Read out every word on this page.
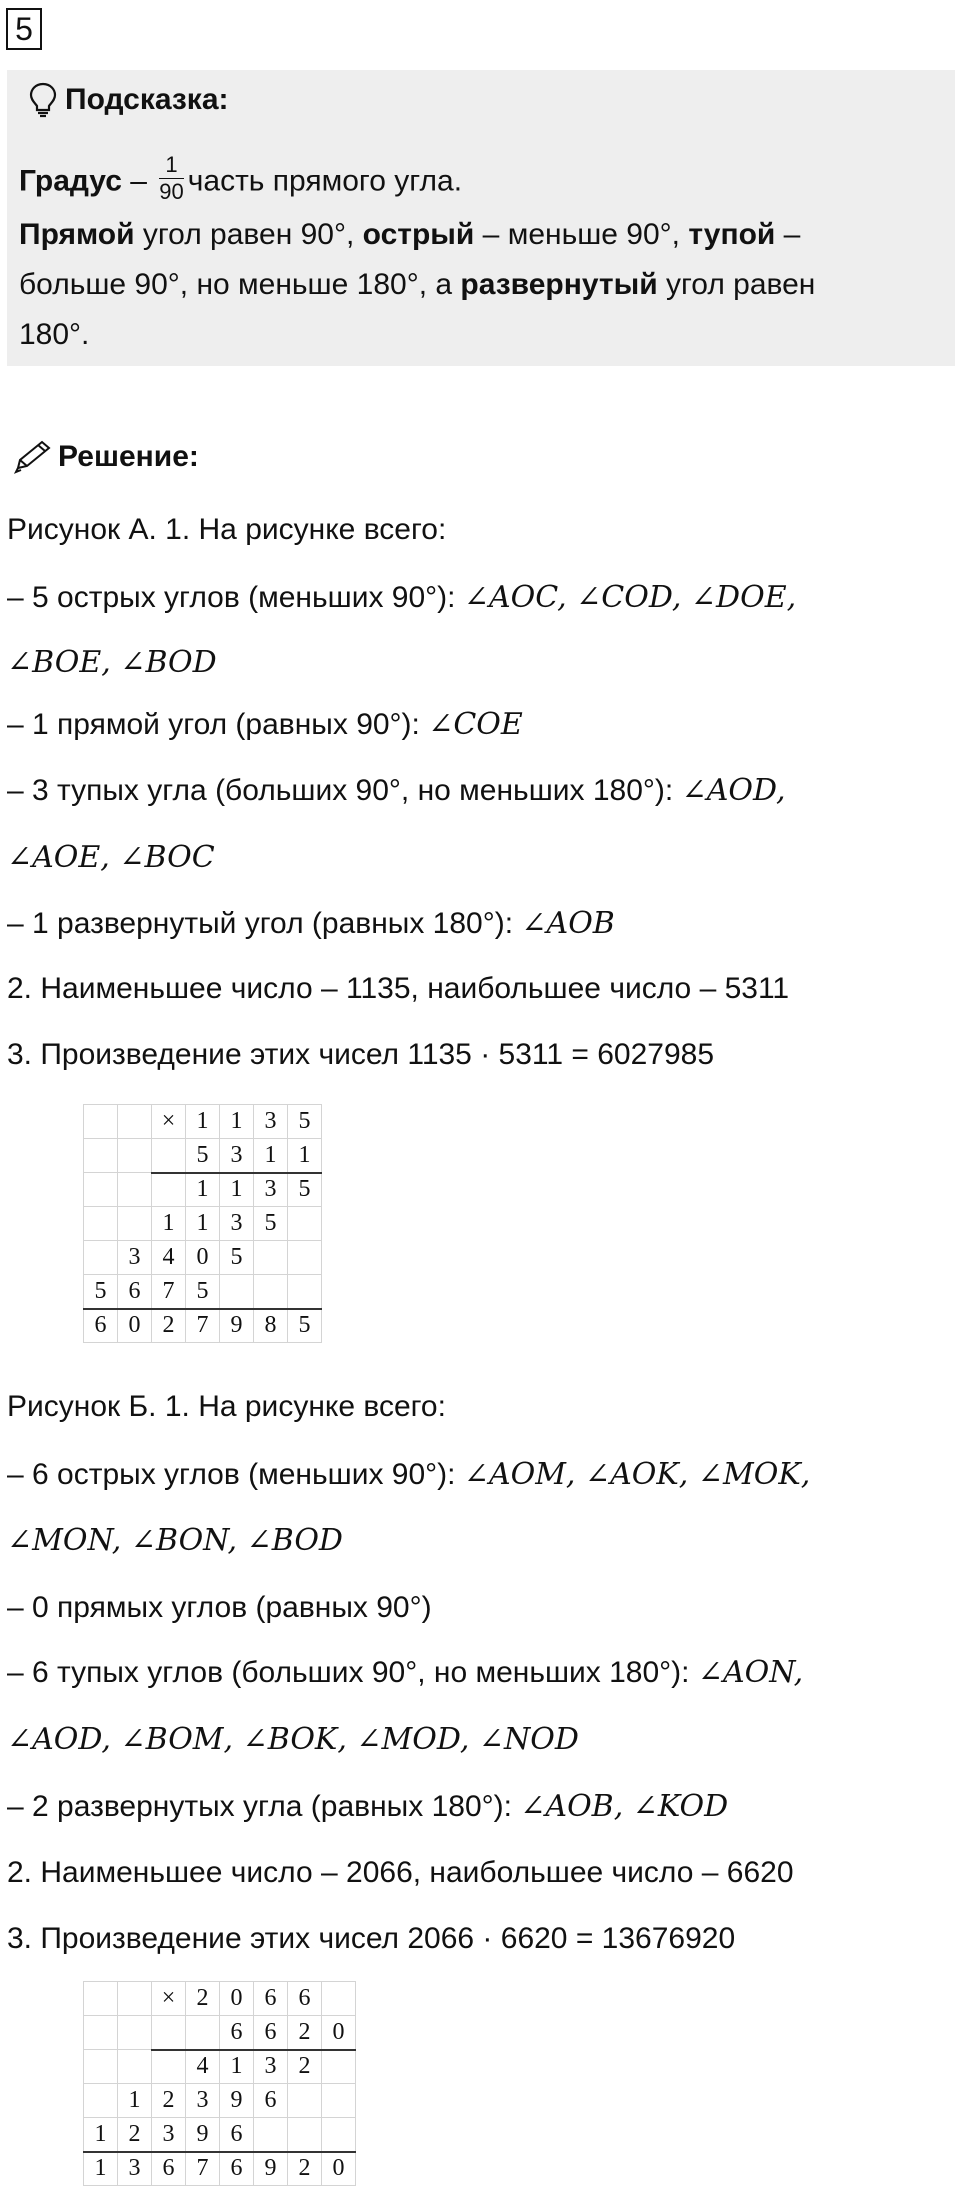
5
Подсказка:
Градус – $\frac{1}{90}$ часть прямого угла.
Прямой угол равен 90°, острый – меньше 90°, тупой –
больше 90°, но меньше 180°, а развернутый угол равен
180°.
Решение:
Рисунок А. 1. На рисунке всего:
– 5 острых углов (меньших 90°): ∠AOC, ∠COD, ∠DOE,
∠BOE, ∠BOD
– 1 прямой угол (равных 90°): ∠COE
– 3 тупых угла (больших 90°, но меньших 180°): ∠AOD,
∠AOE, ∠BOC
– 1 развернутый угол (равных 180°): ∠AOB
2. Наименьшее число – 1135, наибольшее число – 5311
3. Произведение этих чисел 1135 · 5311 = 6027985
		×	1	1	3	5
			5	3	1	1
			1	1	3	5
		1	1	3	5	
	3	4	0	5		
5	6	7	5			
6	0	2	7	9	8	5
Рисунок Б. 1. На рисунке всего:
– 6 острых углов (меньших 90°): ∠AOM, ∠AOK, ∠MOK,
∠MON, ∠BON, ∠BOD
– 0 прямых углов (равных 90°)
– 6 тупых углов (больших 90°, но меньших 180°): ∠AON,
∠AOD, ∠BOM, ∠BOK, ∠MOD, ∠NOD
– 2 развернутых угла (равных 180°): ∠AOB, ∠KOD
2. Наименьшее число – 2066, наибольшее число – 6620
3. Произведение этих чисел 2066 · 6620 = 13676920
		×	2	0	6	6	
				6	6	2	0
			4	1	3	2	
	1	2	3	9	6		
1	2	3	9	6			
1	3	6	7	6	9	2	0
